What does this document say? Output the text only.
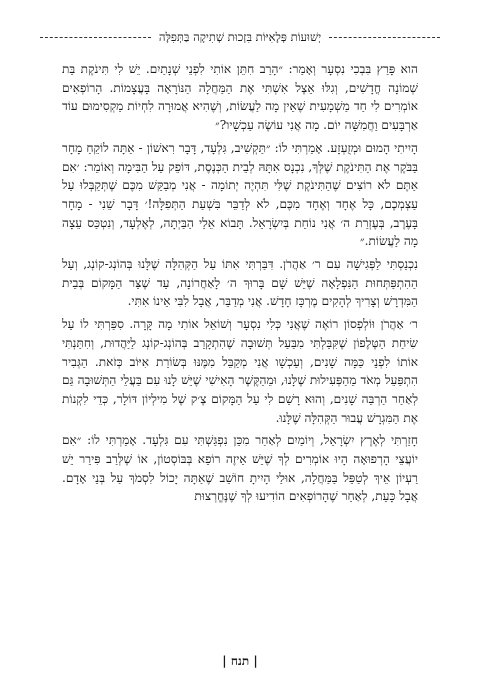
יְשׁוּעוֹת פְּלָאִיּוֹת בִּזְכוּת שְׁתִיקָה בַּתְּפִלָּה

הוא פָּרַץ בִּבְכִי נִסְעָר וְאָמַר: ״הָרַב חִתֵּן אוֹתִי לִפְנֵי שְׁנָתַיִם. יֵשׁ לִי תִּינֹקֶת בַּת שְׁמוֹנָה חֳדָשִׁים, וְגִלּוּ אֵצֶל אִשְׁתִּי אֶת הַמַּחֲלָה הַנּוֹרָאָה בָּעֲצָמוֹת. הָרוֹפְאִים אוֹמְרִים לִי חַד מַשְׁמָעִית שֶׁאֵין מָה לַעֲשׂוֹת, וְשֶׁהִיא אֲמוּרָה לִחְיוֹת מַקְסִימוּם עוֹד אַרְבָּעִים וַחֲמִשָּׁה יוֹם. מָה אֲנִי עוֹשֶׂה עַכְשָׁיו?״

הָיִיתִי הָמוּם וּמְזֻעְזָע. אָמַרְתִּי לוֹ: ״תַּקְשִׁיב, גִּלְעָד, דָּבָר רִאשׁוֹן - אַתָּה לוֹקֵחַ מָחָר בַּבֹּקֶר אֶת הַתִּינֹקֶת שֶׁלְּךָ, נִכְנָס אִתָּהּ לְבֵית הַכְּנֶסֶת, דּוֹפֵק עַל הַבִּימָה וְאוֹמֵר: ׳אִם אַתֶּם לֹא רוֹצִים שֶׁהַתִּינֹקֶת שֶׁלִּי תִּהְיֶה יְתוֹמָה - אֲנִי מְבַקֵּשׁ מִכֶּם שֶׁתְּקַבְּלוּ עַל עַצְמְכֶם, כָּל אֶחָד וְאֶחָד מִכֶּם, לֹא לְדַבֵּר בִּשְׁעַת הַתְּפִלָּה!׳ דָּבָר שֵׁנִי - מָחָר בָּעֶרֶב, בְּעֶזְרַת ה׳ אֲנִי נוֹחֵת בְּיִשְׂרָאֵל. תָּבוֹא אֵלַי הַבַּיְתָה, לְאֶלְעָד, וְנִטְכַּס עֵצָה מָה לַעֲשׂוֹת.״

נִכְנַסְתִּי לַפְּגִישָׁה עִם ר׳ אַהֲרֹן. דִּבַּרְתִּי אִתּוֹ עַל הַקְּהִלָּה שֶׁלָּנוּ בְּהוֹנְג-קוֹנְג, וְעַל הַהִתְפַּתְּחוּת הַנִּפְלָאָה שֶׁיֵּשׁ שָׁם בָּרוּךְ ה׳ לָאַחֲרוֹנָה, עַד שֶׁצַּר הַמָּקוֹם בְּבֵית הַמִּדְרָשׁ וְצָרִיךְ לְהָקִים מֶרְכָּז חָדָשׁ. אֲנִי מְדַבֵּר, אֲבָל לִבִּי אֵינוֹ אִתִּי.

ר׳ אַהֲרֹן וּוֹלְפְסוֹן רוֹאֶה שֶׁאֲנִי כְּלִי נִסְעָר וְשׁוֹאֵל אוֹתִי מָה קָּרָה. סִפַּרְתִּי לוֹ עַל שִׂיחַת הַטֶּלֶפוֹן שֶׁקִּבַּלְתִּי מִבַּעַל תְּשׁוּבָה שֶׁהִתְקָרֵב בְּהוֹנְג-קוֹנְג לַיַּהֲדוּת, וְחִתַּנְתִּי אוֹתוֹ לִפְנֵי כַּמָּה שָׁנִים, וְעַכְשָׁו אֲנִי מְקַבֵּל מִמֶּנּוּ בְּשׂוֹרַת אִיּוֹב כְּזֹאת. הַגְּבִיר הִתְפַּעֵל מְאֹד מֵהַפְּעִילוּת שֶׁלָּנוּ, וּמֵהַקֶּשֶׁר הָאִישִׁי שֶׁיֵּשׁ לָנוּ עִם בַּעֲלֵי הַתְּשׁוּבָה גַּם לְאַחַר הַרְבֵּה שָׁנִים, וְהוּא רָשַׁם לִי עַל הַמָּקוֹם צֶ׳ק שֶׁל מִילְיוֹן דּוֹלָר, כְּדֵי לִקְנוֹת אֶת הַמִּגְרָשׁ עֲבוּר הַקְּהִלָּה שֶׁלָּנוּ.

חָזַרְתִּי לְאֶרֶץ יִשְׂרָאֵל, וְיוֹמַיִם לְאַחַר מִכֵּן נִפְגַּשְׁתִּי עִם גִּלְעָד. אָמַרְתִּי לוֹ: ״אִם יוֹעֲצֵי הָרְפוּאָה הָיוּ אוֹמְרִים לְךָ שֶׁיֵּשׁ אֵיזֶה רוֹפֵא בְּבּוֹסְטוֹן, אוֹ שֶׁלְּרַב פִּירֵר יֵשׁ רַעְיוֹן אֵיךְ לְטַפֵּל בַּמַּחֲלָה, אוּלַי הָיִיתָ חוֹשֵׁב שֶׁאַתָּה יָכוֹל לִסְמֹךְ עַל בְּנֵי אָדָם. אֲבָל כָּעֵת, לְאַחַר שֶׁהָרוֹפְאִים הוֹדִיעוּ לְךָ שֶׁנֶּחֱרְצוּת

| תנח |
